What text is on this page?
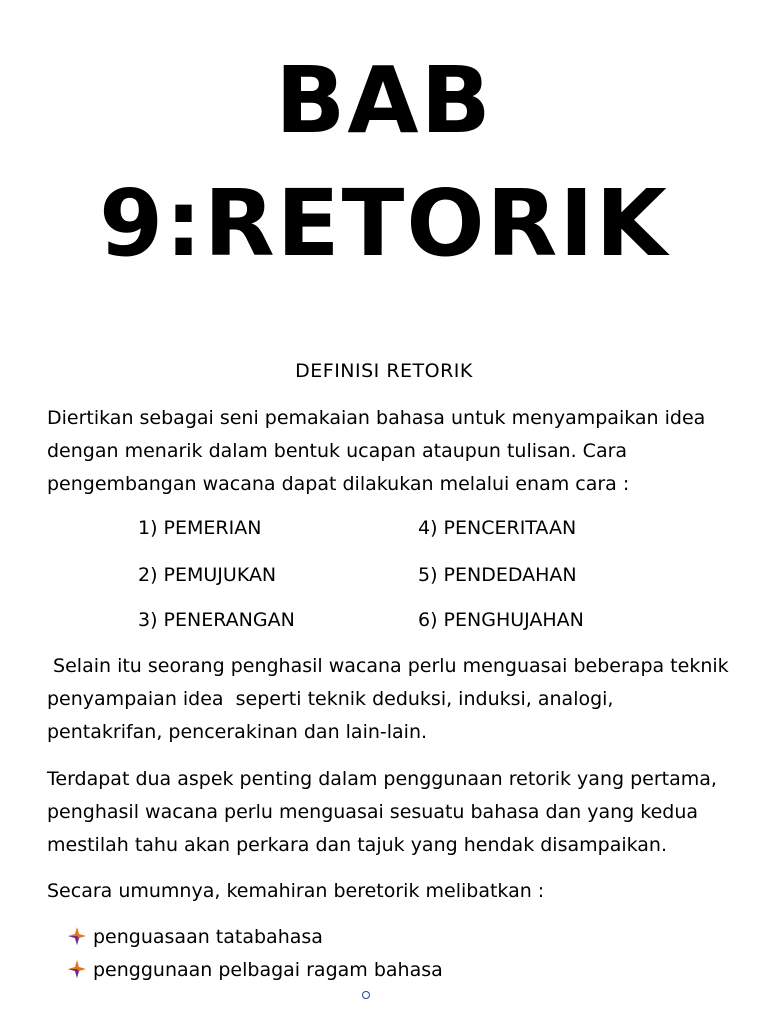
BAB
9:RETORIK
DEFINISI RETORIK
Diertikan sebagai seni pemakaian bahasa untuk menyampaikan idea
dengan menarik dalam bentuk ucapan ataupun tulisan. Cara
pengembangan wacana dapat dilakukan melalui enam cara :
1) PEMERIAN
2) PEMUJUKAN
3) PENERANGAN
4) PENCERITAAN
5) PENDEDAHAN
6) PENGHUJAHAN
Selain itu seorang penghasil wacana perlu menguasai beberapa teknik
penyampaian idea  seperti teknik deduksi, induksi, analogi,
pentakrifan, pencerakinan dan lain-lain.
Terdapat dua aspek penting dalam penggunaan retorik yang pertama,
penghasil wacana perlu menguasai sesuatu bahasa dan yang kedua
mestilah tahu akan perkara dan tajuk yang hendak disampaikan.
Secara umumnya, kemahiran beretorik melibatkan :
penguasaan tatabahasa
penggunaan pelbagai ragam bahasa
